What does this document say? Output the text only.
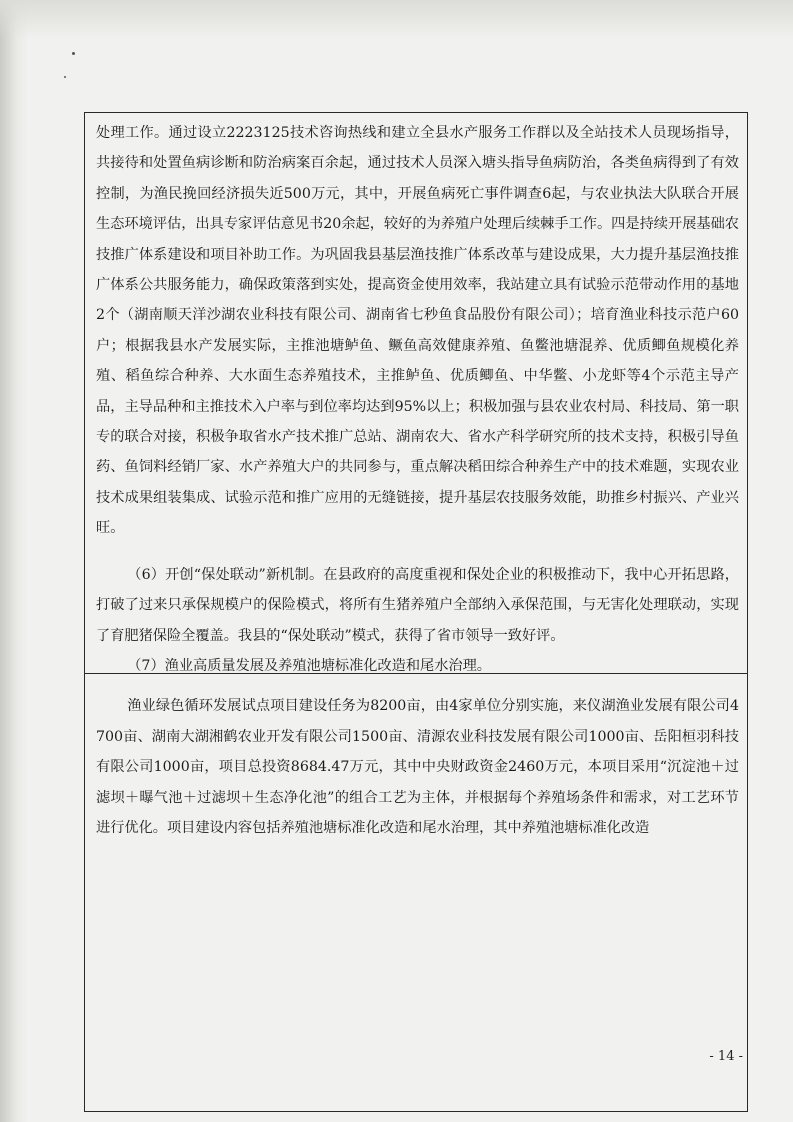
处理工作。通过设立2223125技术咨询热线和建立全县水产服务工作群以及全站技术人员现场指导，共接待和处置鱼病诊断和防治病案百余起，通过技术人员深入塘头指导鱼病防治，各类鱼病得到了有效控制，为渔民挽回经济损失近500万元，其中，开展鱼病死亡事件调查6起，与农业执法大队联合开展生态环境评估，出具专家评估意见书20余起，较好的为养殖户处理后续棘手工作。四是持续开展基础农技推广体系建设和项目补助工作。为巩固我县基层渔技推广体系改革与建设成果，大力提升基层渔技推广体系公共服务能力，确保政策落到实处，提高资金使用效率，我站建立具有试验示范带动作用的基地2个（湖南顺天洋沙湖农业科技有限公司、湖南省七秒鱼食品股份有限公司）；培育渔业科技示范户60户；根据我县水产发展实际，主推池塘鲈鱼、鳜鱼高效健康养殖、鱼鳖池塘混养、优质鲫鱼规模化养殖、稻鱼综合种养、大水面生态养殖技术，主推鲈鱼、优质鲫鱼、中华鳖、小龙虾等4个示范主导产品，主导品种和主推技术入户率与到位率均达到95%以上；积极加强与县农业农村局、科技局、第一职专的联合对接，积极争取省水产技术推广总站、湖南农大、省水产科学研究所的技术支持，积极引导鱼药、鱼饲料经销厂家、水产养殖大户的共同参与，重点解决稻田综合种养生产中的技术难题，实现农业技术成果组装集成、试验示范和推广应用的无缝链接，提升基层农技服务效能，助推乡村振兴、产业兴旺。

（6）开创“保处联动”新机制。在县政府的高度重视和保处企业的积极推动下，我中心开拓思路，打破了过来只承保规模户的保险模式，将所有生猪养殖户全部纳入承保范围，与无害化处理联动，实现了育肥猪保险全覆盖。我县的“保处联动”模式，获得了省市领导一致好评。

（7）渔业高质量发展及养殖池塘标准化改造和尾水治理。

渔业绿色循环发展试点项目建设任务为8200亩，由4家单位分别实施，来仪湖渔业发展有限公司4700亩、湖南大湖湘鹤农业开发有限公司1500亩、清源农业科技发展有限公司1000亩、岳阳桓羽科技有限公司1000亩，项目总投资8684.47万元，其中中央财政资金2460万元，本项目采用“沉淀池＋过滤坝＋曝气池＋过滤坝＋生态净化池”的组合工艺为主体，并根据每个养殖场条件和需求，对工艺环节进行优化。项目建设内容包括养殖池塘标准化改造和尾水治理，其中养殖池塘标准化改造

- 14 -
